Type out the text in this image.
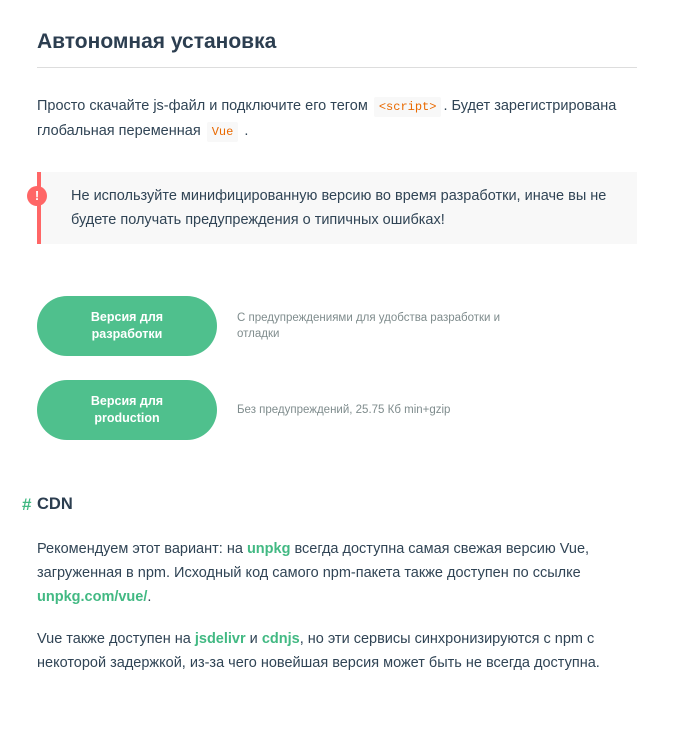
Автономная установка

Просто скачайте js-файл и подключите его тегом <script> . Будет зарегистрирована глобальная переменная Vue .

!	Не используйте минифицированную версию во время разработки, иначе вы не будете получать предупреждения о типичных ошибках!

Версия для разработки
С предупреждениями для удобства разработки и отладки
Версия для production
Без предупреждений, 25.75 Кб min+gzip
# CDN

Рекомендуем этот вариант: на unpkg всегда доступна самая свежая версию Vue, загруженная в npm. Исходный код самого npm-пакета также доступен по ссылке unpkg.com/vue/.

Vue также доступен на jsdelivr и cdnjs, но эти сервисы синхронизируются с npm с некоторой задержкой, из-за чего новейшая версия может быть не всегда доступна.
